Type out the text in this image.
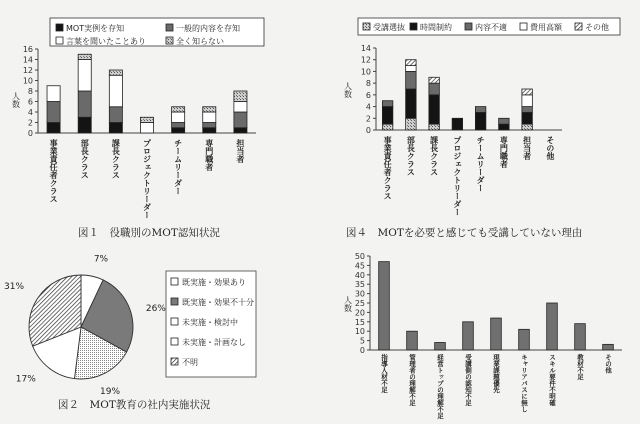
MOT実例を存知	一般的内容を存知
言葉を聞いたことあり	全く知らない
人数
0
2
4
6
8
10
12
14
16
事業責任者クラス	部長クラス	課長クラス	プロジェクトリーダー	チームリーダー	専門職者	担当者
図１　役職別のMOT認知状況
受講選抜 時間制約	内容不適	費用高額	その他
人数
0
2
4
6
8
10
12
14
事業責任者クラス 部長クラス 課長クラス プロジェクトリーダー チームリーダー 専門職者 担当者 その他
図４　MOTを必要と感じても受講していない理由
7%
26%
19%
17%
31%	既実施・効果あり
既実施・効果不十分
未実施・検討中
未実施・計画なし
不明
図２　MOT教育の社内実施状況
人数
0
5
10
15
20
25
30
35
40
45
50
指導人材不足	管理者の理解不足	経営トップの理解不足	受講側の認知不足	現業課題優先	キャリアパスに無し	スキル要件不明確	教材不足	その他
